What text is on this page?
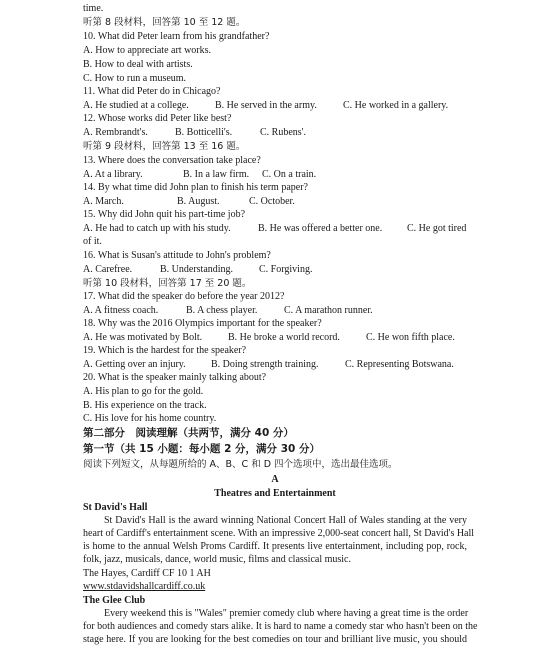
time.
听第 8 段材料，回答第 10 至 12 题。
10. What did Peter learn from his grandfather?
A. How to appreciate art works.
B. How to deal with artists.
C. How to run a museum.
11. What did Peter do in Chicago?
A. He studied at a college.	B. He served in the army.	C. He worked in a gallery.
12. Whose works did Peter like best?
A. Rembrandt's.	B. Botticelli's.	C. Rubens'.
听第 9 段材料，回答第 13 至 16 题。
13. Where does the conversation take place?
A. At a library.	B. In a law firm. C. On a train.
14. By what time did John plan to finish his term paper?
A. March.	B. August.	C. October.
15. Why did John quit his part-time job?
A. He had to catch up with his study.	B. He was offered a better one. C. He got tired
of it.
16. What is Susan's attitude to John's problem?
A. Carefree.	B. Understanding.	C. Forgiving.
听第 10 段材料，回答第 17 至 20 题。
17. What did the speaker do before the year 2012?
A. A fitness coach.	B. A chess player.	C. A marathon runner.
18. Why was the 2016 Olympics important for the speaker?
A. He was motivated by Bolt.	B. He broke a world record.	C. He won fifth place.
19. Which is the hardest for the speaker?
A. Getting over an injury.	B. Doing strength training.	C. Representing Botswana.
20. What is the speaker mainly talking about?
A. His plan to go for the gold.
B. His experience on the track.
C. His love for his home country.
第二部分　阅读理解（共两节，满分 40 分）
第一节（共 15 小题：每小题 2 分，满分 30 分）
阅读下列短文，从每题所给的 A、B、C 和 D 四个选项中，选出最佳选项。
A
Theatres and Entertainment
St David's Hall
St David's Hall is the award winning National Concert Hall of Wales standing at the very
heart of Cardiff's entertainment scene. With an impressive 2,000-seat concert hall, St David's Hall
is home to the annual Welsh Proms Cardiff. It presents live entertainment, including pop, rock,
folk, jazz, musicals, dance, world music, films and classical music.
The Hayes, Cardiff CF 10 1 AH
www.stdavidshallcardiff.co.uk
The Glee Club
Every weekend this is "Wales" premier comedy club where having a great time is the order
for both audiences and comedy stars alike. It is hard to name a comedy star who hasn't been on the
stage here. If you are looking for the best comedies on tour and brilliant live music, you should
